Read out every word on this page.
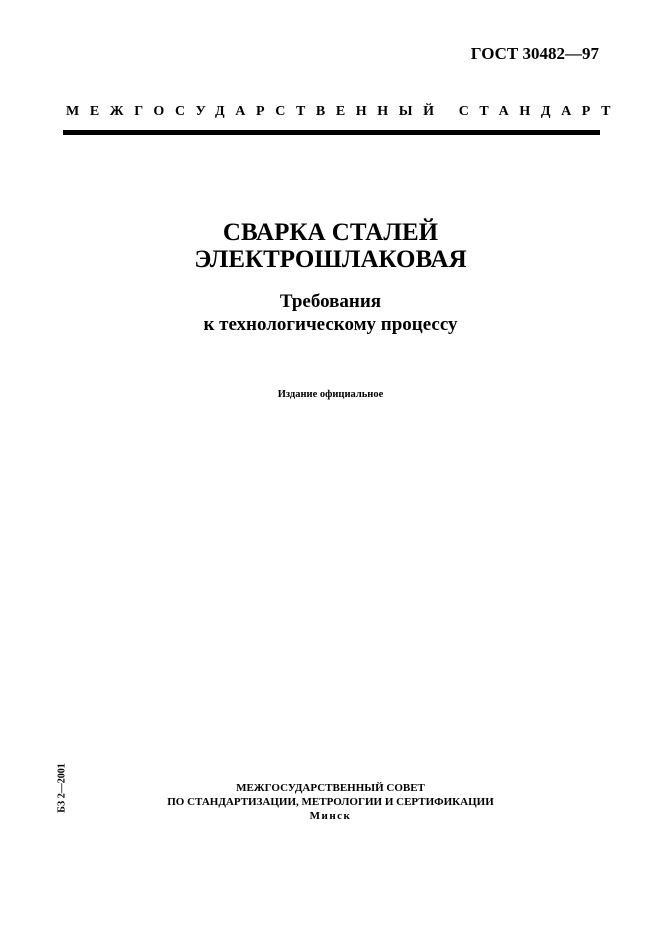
ГОСТ 30482—97
МЕЖГОСУДАРСТВЕННЫЙ СТАНДАРТ
СВАРКА СТАЛЕЙ
ЭЛЕКТРОШЛАКОВАЯ
Требования
к технологическому процессу
Издание официальное
БЗ 2—2001	МЕЖГОСУДАРСТВЕННЫЙ СОВЕТ
ПО СТАНДАРТИЗАЦИИ, МЕТРОЛОГИИ И СЕРТИФИКАЦИИ
Минск
